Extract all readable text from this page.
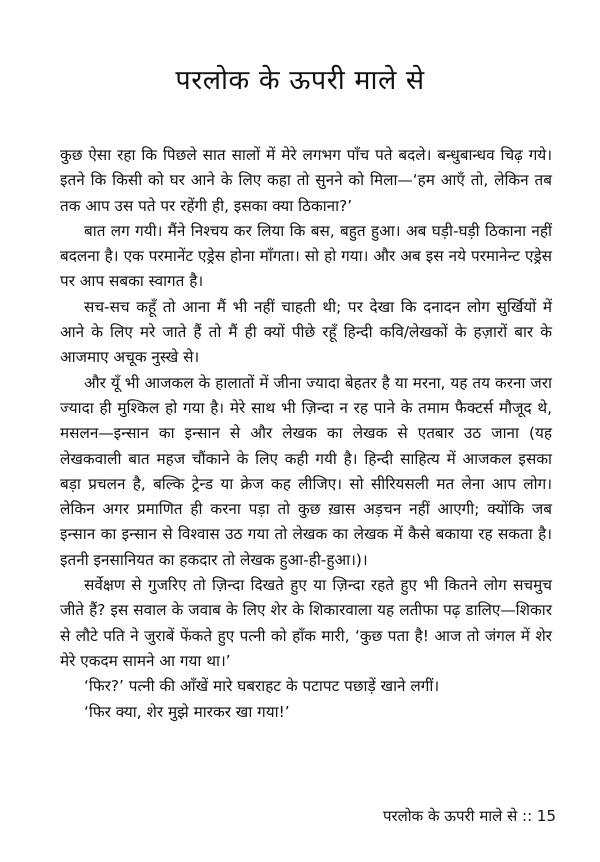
परलोक के ऊपरी माले से

कुछ ऐसा रहा कि पिछले सात सालों में मेरे लगभग पाँच पते बदले। बन्धुबान्धव चिढ़ गये। इतने कि किसी को घर आने के लिए कहा तो सुनने को मिला—‘हम आएँ तो, लेकिन तब तक आप उस पते पर रहेंगी ही, इसका क्या ठिकाना?’

बात लग गयी। मैंने निश्चय कर लिया कि बस, बहुत हुआ। अब घड़ी-घड़ी ठिकाना नहीं बदलना है। एक परमानेंट एड्रेस होना माँगता। सो हो गया। और अब इस नये परमानेन्ट एड्रेस पर आप सबका स्वागत है।

सच-सच कहूँ तो आना मैं भी नहीं चाहती थी; पर देखा कि दनादन लोग सुर्खियों में आने के लिए मरे जाते हैं तो मैं ही क्यों पीछे रहूँ हिन्दी कवि/लेखकों के हज़ारों बार के आजमाए अचूक नुस्खे से।

और यूँ भी आजकल के हालातों में जीना ज्यादा बेहतर है या मरना, यह तय करना जरा ज्यादा ही मुश्किल हो गया है। मेरे साथ भी ज़िन्दा न रह पाने के तमाम फैक्टर्स मौजूद थे, मसलन—इन्सान का इन्सान से और लेखक का लेखक से एतबार उठ जाना (यह लेखकवाली बात महज चौंकाने के लिए कही गयी है। हिन्दी साहित्य में आजकल इसका बड़ा प्रचलन है, बल्कि ट्रेन्ड या क्रेज कह लीजिए। सो सीरियसली मत लेना आप लोग। लेकिन अगर प्रमाणित ही करना पड़ा तो कुछ ख़ास अड़चन नहीं आएगी; क्योंकि जब इन्सान का इन्सान से विश्वास उठ गया तो लेखक का लेखक में कैसे बकाया रह सकता है। इतनी इनसानियत का हकदार तो लेखक हुआ-ही-हुआ।)।

सर्वेक्षण से गुजरिए तो ज़िन्दा दिखते हुए या ज़िन्दा रहते हुए भी कितने लोग सचमुच जीते हैं? इस सवाल के जवाब के लिए शेर के शिकारवाला यह लतीफा पढ़ डालिए—शिकार से लौटे पति ने जुराबें फेंकते हुए पत्नी को हाँक मारी, ‘कुछ पता है! आज तो जंगल में शेर मेरे एकदम सामने आ गया था।’

‘फिर?’ पत्नी की आँखें मारे घबराहट के पटापट पछाड़ें खाने लगीं।

‘फिर क्या, शेर मुझे मारकर खा गया!’

परलोक के ऊपरी माले से :: 15
